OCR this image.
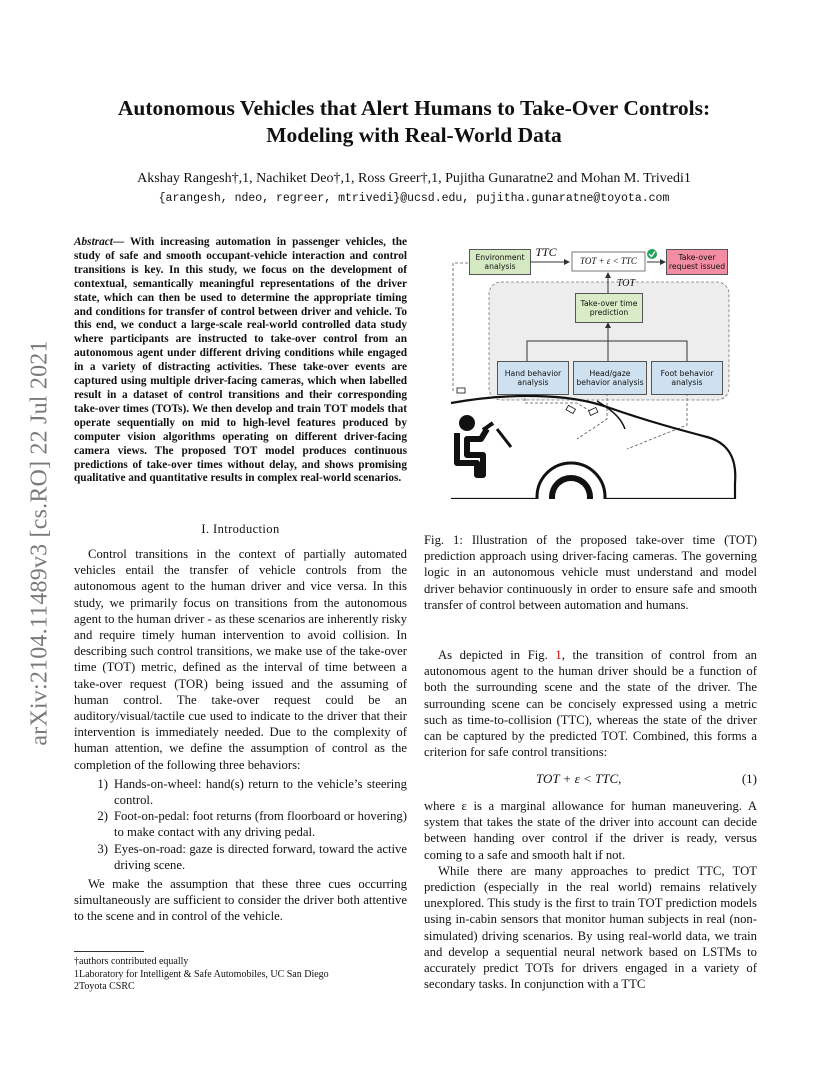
Autonomous Vehicles that Alert Humans to Take-Over Controls:
Modeling with Real-World Data
Akshay Rangesh†,1, Nachiket Deo†,1, Ross Greer†,1, Pujitha Gunaratne2 and Mohan M. Trivedi1
{arangesh, ndeo, regreer, mtrivedi}@ucsd.edu, pujitha.gunaratne@toyota.com
arXiv:2104.11489v3 [cs.RO] 22 Jul 2021
Abstract— With increasing automation in passenger vehicles, the study of safe and smooth occupant-vehicle interaction and control transitions is key. In this study, we focus on the development of contextual, semantically meaningful representations of the driver state, which can then be used to determine the appropriate timing and conditions for transfer of control between driver and vehicle. To this end, we conduct a large-scale real-world controlled data study where participants are instructed to take-over control from an autonomous agent under different driving conditions while engaged in a variety of distracting activities. These take-over events are captured using multiple driver-facing cameras, which when labelled result in a dataset of control transitions and their corresponding take-over times (TOTs). We then develop and train TOT models that operate sequentially on mid to high-level features produced by computer vision algorithms operating on different driver-facing camera views. The proposed TOT model produces continuous predictions of take-over times without delay, and shows promising qualitative and quantitative results in complex real-world scenarios.
I. Introduction

Control transitions in the context of partially automated vehicles entail the transfer of vehicle controls from the autonomous agent to the human driver and vice versa. In this study, we primarily focus on transitions from the autonomous agent to the human driver - as these scenarios are inherently risky and require timely human intervention to avoid collision. In describing such control transitions, we make use of the take-over time (TOT) metric, defined as the interval of time between a take-over request (TOR) being issued and the assuming of human control. The take-over request could be an auditory/visual/tactile cue used to indicate to the driver that their intervention is immediately needed. Due to the complexity of human attention, we define the assumption of control as the completion of the following three behaviors:

1) Hands-on-wheel: hand(s) return to the vehicle’s steering control.
2) Foot-on-pedal: foot returns (from floorboard or hovering) to make contact with any driving pedal.
3) Eyes-on-road: gaze is directed forward, toward the active driving scene.

We make the assumption that these three cues occurring simultaneously are sufficient to consider the driver both attentive to the scene and in control of the vehicle.

†authors contributed equally
1Laboratory for Intelligent & Safe Automobiles, UC San Diego
2Toyota CSRC
Environment analysis
TTC
TOT + ε < TTC	Take-over request issued
TOT
Take-over time prediction
Hand behavior analysis
Head/gaze behavior analysis
Foot behavior analysis
Fig. 1: Illustration of the proposed take-over time (TOT) prediction approach using driver-facing cameras. The governing logic in an autonomous vehicle must understand and model driver behavior continuously in order to ensure safe and smooth transfer of control between automation and humans.

As depicted in Fig. 1, the transition of control from an autonomous agent to the human driver should be a function of both the surrounding scene and the state of the driver. The surrounding scene can be concisely expressed using a metric such as time-to-collision (TTC), whereas the state of the driver can be captured by the predicted TOT. Combined, this forms a criterion for safe control transitions:

TOT + ε < TTC,	(1)

where ε is a marginal allowance for human maneuvering. A system that takes the state of the driver into account can decide between handing over control if the driver is ready, versus coming to a safe and smooth halt if not.

While there are many approaches to predict TTC, TOT prediction (especially in the real world) remains relatively unexplored. This study is the first to train TOT prediction models using in-cabin sensors that monitor human subjects in real (non-simulated) driving scenarios. By using real-world data, we train and develop a sequential neural network based on LSTMs to accurately predict TOTs for drivers engaged in a variety of secondary tasks. In conjunction with a TTC
